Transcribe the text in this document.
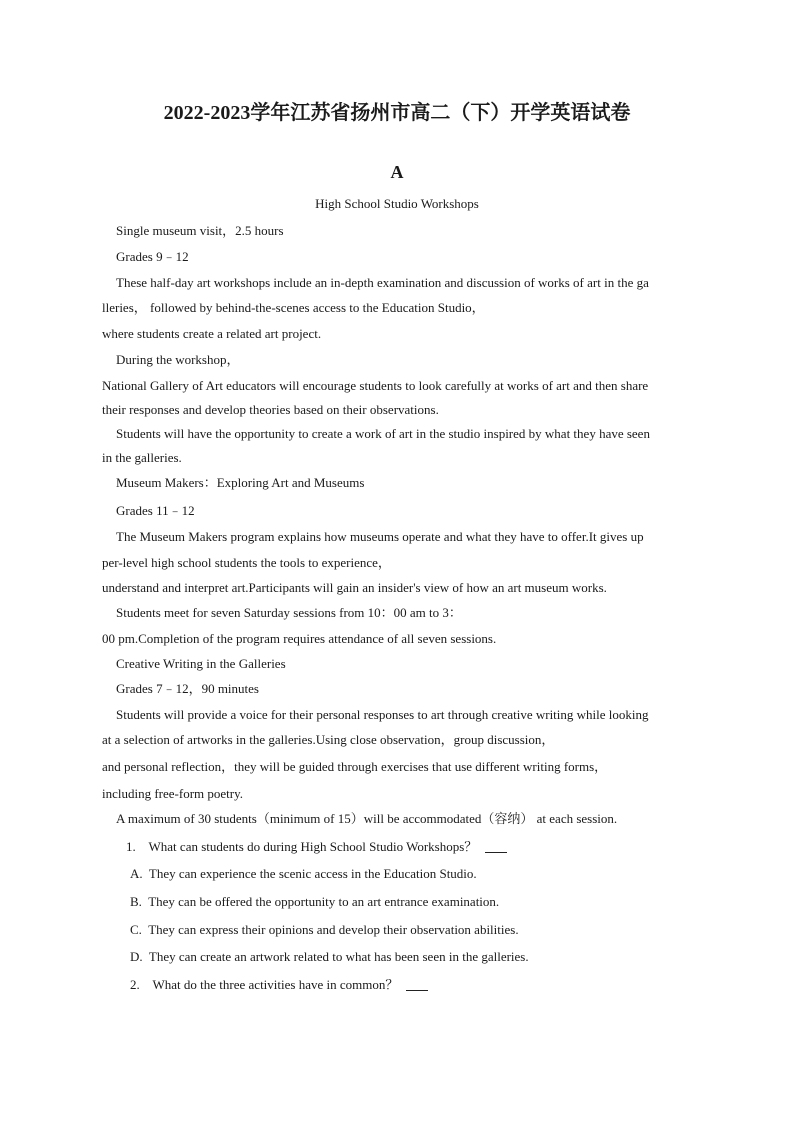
2022-2023学年江苏省扬州市高二（下）开学英语试卷
A
High School Studio Workshops
Single museum visit，2.5 hours
Grades 9﹣12
These half-day art workshops include an in-depth examination and discussion of works of art in the ga
lleries， followed by behind-the-scenes access to the Education Studio，
where students create a related art project.
During the workshop，
National Gallery of Art educators will encourage students to look carefully at works of art and then share
their responses and develop theories based on their observations.
Students will have the opportunity to create a work of art in the studio inspired by what they have seen
in the galleries.
Museum Makers：Exploring Art and Museums
Grades 11﹣12
The Museum Makers program explains how museums operate and what they have to offer.It gives up
per-level high school students the tools to experience，
understand and interpret art.Participants will gain an insider's view of how an art museum works.
Students meet for seven Saturday sessions from 10：00 am to 3：
00 pm.Completion of the program requires attendance of all seven sessions.
Creative Writing in the Galleries
Grades 7﹣12，90 minutes
Students will provide a voice for their personal responses to art through creative writing while looking
at a selection of artworks in the galleries.Using close observation，group discussion，
and personal reflection，they will be guided through exercises that use different writing forms，
including free-form poetry.
A maximum of 30 students（minimum of 15）will be accommodated（容纳） at each session.
1. What can students do during High School Studio Workshops？
A. They can experience the scenic access in the Education Studio.
B. They can be offered the opportunity to an art entrance examination.
C. They can express their opinions and develop their observation abilities.
D. They can create an artwork related to what has been seen in the galleries.
2.    What do the three activities have in common？
